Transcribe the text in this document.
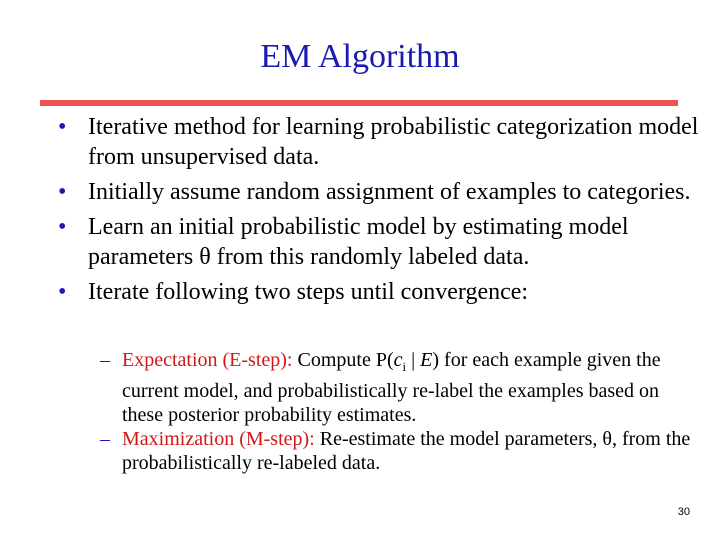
EM Algorithm
• Iterative method for learning probabilistic categorization model from unsupervised data.
• Initially assume random assignment of examples to categories.
• Learn an initial probabilistic model by estimating model parameters θ from this randomly labeled data.
• Iterate following two steps until convergence:
– Expectation (E-step): Compute $P(c_i$ | E) for each example given the current model, and probabilistically re-label the examples based on these posterior probability estimates.
– Maximization (M-step): Re-estimate the model parameters, θ, from the probabilistically re-labeled data.
30
